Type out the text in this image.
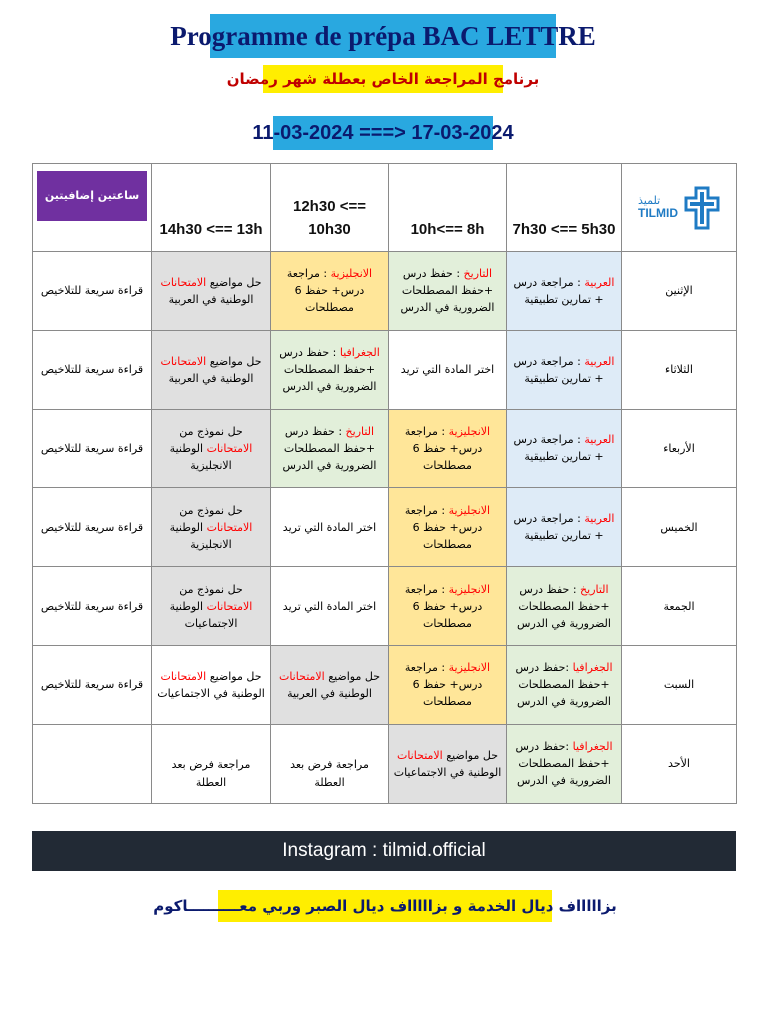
Programme de prépa BAC LETTRE
برنامج المراجعة الخاص بعطلة شهر رمضان
11-03-2024 ===> 17-03-2024
ساعتين إضافيتين	14h30 <== 13h	12h30 <== 10h30	10h<== 8h	7h30 <== 5h30	تلميذ
TILMID

قراءة سريعة للتلاخيص	حل مواضيع الامتحانات الوطنية في العربية	الانجليزية : مراجعة درس+ حفظ 6 مصطلحات	التاريخ : حفظ درس +حفظ المصطلحات الضرورية في الدرس	العربية : مراجعة درس + تمارين تطبيقية	الإثنين
قراءة سريعة للتلاخيص	حل مواضيع الامتحانات الوطنية في العربية	الجغرافيا : حفظ درس +حفظ المصطلحات الضرورية في الدرس	اختر المادة التي تريد	العربية : مراجعة درس + تمارين تطبيقية	الثلاثاء
قراءة سريعة للتلاخيص	حل نموذج من الامتحانات الوطنية الانجليزية	التاريخ : حفظ درس +حفظ المصطلحات الضرورية في الدرس	الانجليزية : مراجعة درس+ حفظ 6 مصطلحات	العربية : مراجعة درس + تمارين تطبيقية	الأربعاء
قراءة سريعة للتلاخيص	حل نموذج من الامتحانات الوطنية الانجليزية	اختر المادة التي تريد	الانجليزية : مراجعة درس+ حفظ 6 مصطلحات	العربية : مراجعة درس + تمارين تطبيقية	الخميس
قراءة سريعة للتلاخيص	حل نموذج من الامتحانات الوطنية الاجتماعيات	اختر المادة التي تريد	الانجليزية : مراجعة درس+ حفظ 6 مصطلحات	التاريخ : حفظ درس +حفظ المصطلحات الضرورية في الدرس	الجمعة
قراءة سريعة للتلاخيص	حل مواضيع الامتحانات الوطنية في الاجتماعيات	حل مواضيع الامتحانات الوطنية في العربية	الانجليزية : مراجعة درس+ حفظ 6 مصطلحات	الجغرافيا :حفظ درس +حفظ المصطلحات الضرورية في الدرس	السبت
	مراجعة فرض بعد العطلة	مراجعة فرض بعد العطلة	حل مواضيع الامتحانات الوطنية في الاجتماعيات	الجغرافيا :حفظ درس +حفظ المصطلحات الضرورية في الدرس	الأحد
Instagram : tilmid.official
بزاااااف ديال الخدمة و بزاااااف ديال الصبر وربي معــــــــــاكوم
